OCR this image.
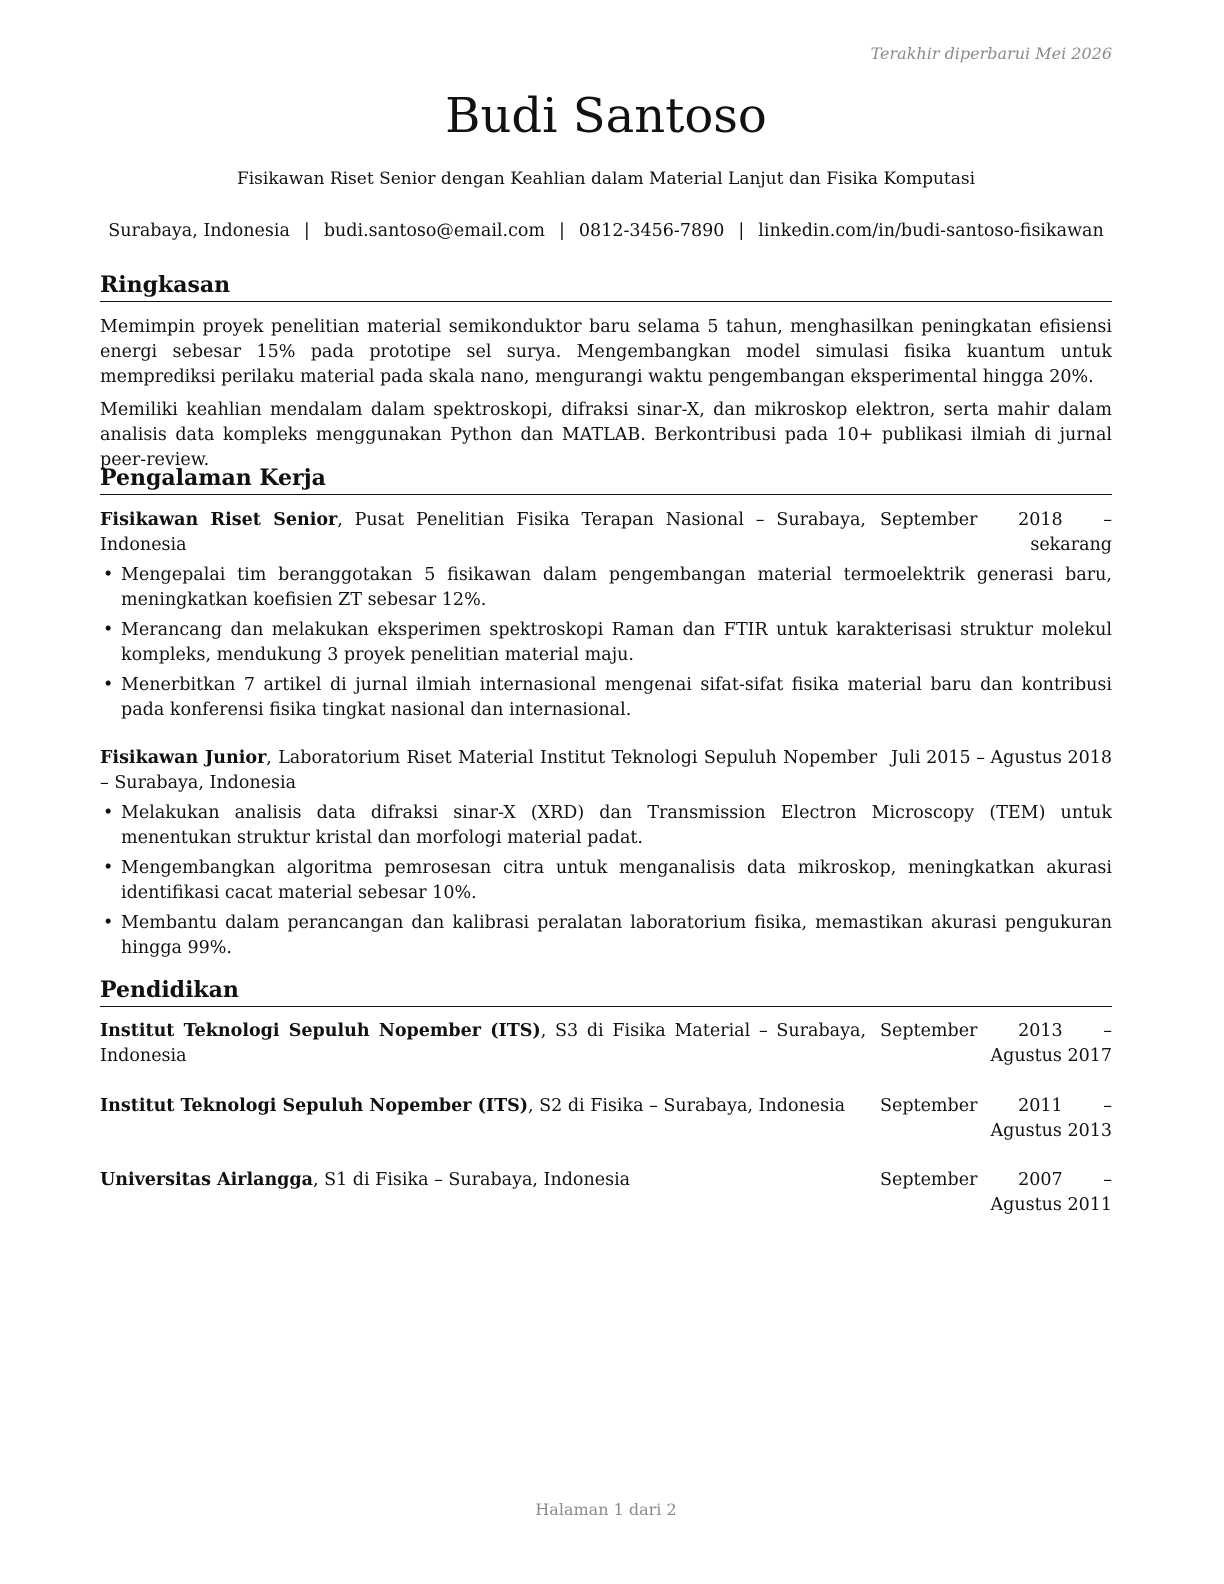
Terakhir diperbarui Mei 2026
Budi Santoso
Fisikawan Riset Senior dengan Keahlian dalam Material Lanjut dan Fisika Komputasi
Surabaya, Indonesia | budi.santoso@email.com | 0812-3456-7890 | linkedin.com/in/budi-santoso-fisikawan
Ringkasan

Memimpin proyek penelitian material semikonduktor baru selama 5 tahun, menghasilkan peningkatan efisiensi energi sebesar 15% pada prototipe sel surya. Mengembangkan model simulasi fisika kuantum untuk memprediksi perilaku material pada skala nano, mengurangi waktu pengembangan eksperimental hingga 20%.

Memiliki keahlian mendalam dalam spektroskopi, difraksi sinar-X, dan mikroskop elektron, serta mahir dalam analisis data kompleks menggunakan Python dan MATLAB. Berkontribusi pada 10+ publikasi ilmiah di jurnal peer-review.

Pengalaman Kerja
Fisikawan Riset Senior, Pusat Penelitian Fisika Terapan Nasional – Surabaya, Indonesia
September 2018 – sekarang
• Mengepalai tim beranggotakan 5 fisikawan dalam pengembangan material termoelektrik generasi baru, meningkatkan koefisien ZT sebesar 12%.
• Merancang dan melakukan eksperimen spektroskopi Raman dan FTIR untuk karakterisasi struktur molekul kompleks, mendukung 3 proyek penelitian material maju.
• Menerbitkan 7 artikel di jurnal ilmiah internasional mengenai sifat-sifat fisika material baru dan kontribusi pada konferensi fisika tingkat nasional dan internasional.
Fisikawan Junior, Laboratorium Riset Material Institut Teknologi Sepuluh Nopember – Surabaya, Indonesia
Juli 2015 – Agustus 2018
• Melakukan analisis data difraksi sinar-X (XRD) dan Transmission Electron Microscopy (TEM) untuk menentukan struktur kristal dan morfologi material padat.
• Mengembangkan algoritma pemrosesan citra untuk menganalisis data mikroskop, meningkatkan akurasi identifikasi cacat material sebesar 10%.
• Membantu dalam perancangan dan kalibrasi peralatan laboratorium fisika, memastikan akurasi pengukuran hingga 99%.
Pendidikan
Institut Teknologi Sepuluh Nopember (ITS), S3 di Fisika Material – Surabaya, Indonesia
September 2013 – Agustus 2017
Institut Teknologi Sepuluh Nopember (ITS), S2 di Fisika – Surabaya, Indonesia	September 2011 – Agustus 2013
Universitas Airlangga, S1 di Fisika – Surabaya, Indonesia	September 2007 – Agustus 2011
Halaman 1 dari 2
